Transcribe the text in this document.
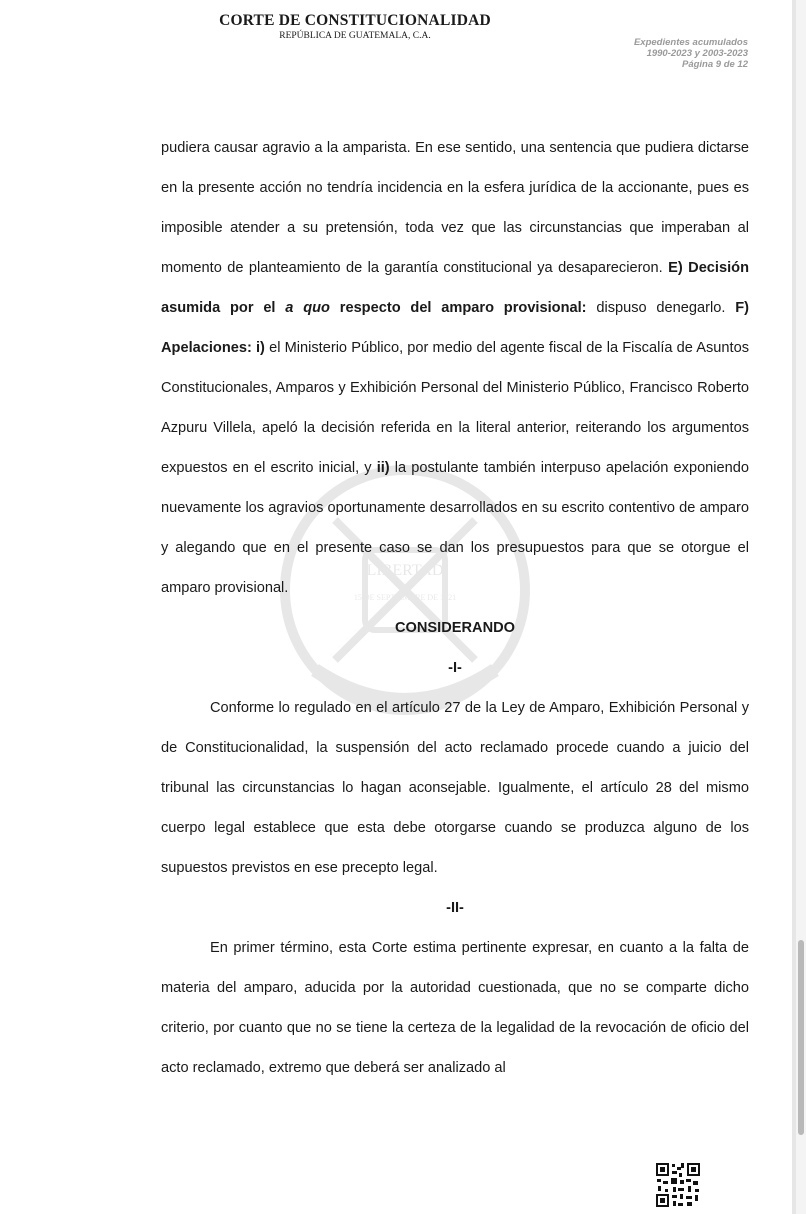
LIBERTAD
15 DE SEPTIEMBRE DE 1821
CORTE DE CONSTITUCIONALIDAD
REPÚBLICA DE GUATEMALA, C.A.
Expedientes acumulados
1990-2023 y 2003-2023
Página 9 de 12

pudiera causar agravio a la amparista. En ese sentido, una sentencia que pudiera dictarse en la presente acción no tendría incidencia en la esfera jurídica de la accionante, pues es imposible atender a su pretensión, toda vez que las circunstancias que imperaban al momento de planteamiento de la garantía constitucional ya desaparecieron. E) Decisión asumida por el a quo respecto del amparo provisional: dispuso denegarlo. F) Apelaciones: i) el Ministerio Público, por medio del agente fiscal de la Fiscalía de Asuntos Constitucionales, Amparos y Exhibición Personal del Ministerio Público, Francisco Roberto Azpuru Villela, apeló la decisión referida en la literal anterior, reiterando los argumentos expuestos en el escrito inicial, y ii) la postulante también interpuso apelación exponiendo nuevamente los agravios oportunamente desarrollados en su escrito contentivo de amparo y alegando que en el presente caso se dan los presupuestos para que se otorgue el amparo provisional.

CONSIDERANDO

-I-

Conforme lo regulado en el artículo 27 de la Ley de Amparo, Exhibición Personal y de Constitucionalidad, la suspensión del acto reclamado procede cuando a juicio del tribunal las circunstancias lo hagan aconsejable. Igualmente, el artículo 28 del mismo cuerpo legal establece que esta debe otorgarse cuando se produzca alguno de los supuestos previstos en ese precepto legal.

-II-

En primer término, esta Corte estima pertinente expresar, en cuanto a la falta de materia del amparo, aducida por la autoridad cuestionada, que no se comparte dicho criterio, por cuanto que no se tiene la certeza de la legalidad de la revocación de oficio del acto reclamado, extremo que deberá ser analizado al
